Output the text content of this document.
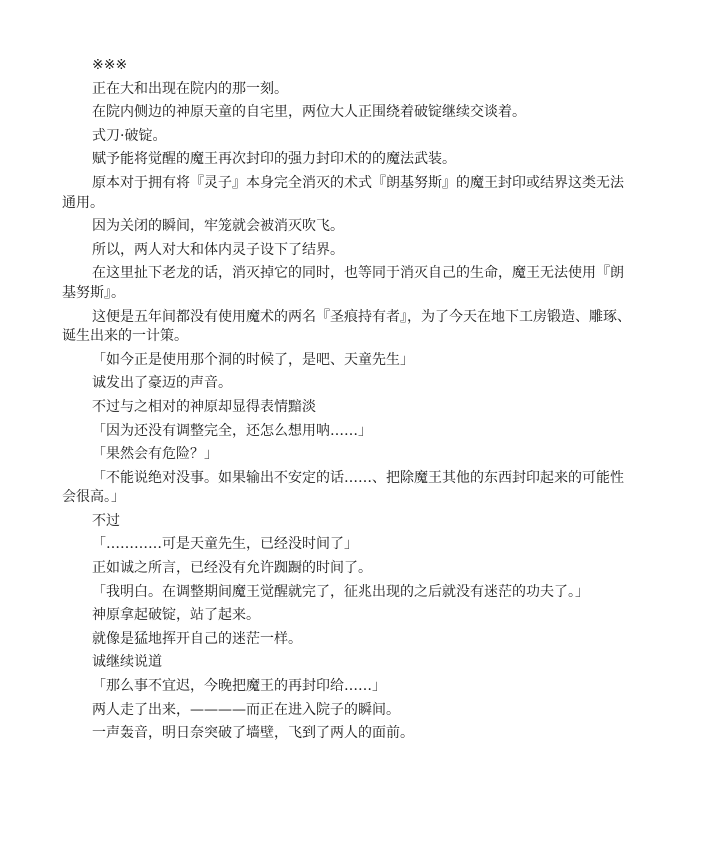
※※※

正在大和出现在院内的那一刻。

在院内侧边的神原天童的自宅里，两位大人正围绕着破锭继续交谈着。

式刀·破锭。

赋予能将觉醒的魔王再次封印的强力封印术的的魔法武装。

原本对于拥有将『灵子』本身完全消灭的术式『朗基努斯』的魔王封印或结界这类无法通用。

因为关闭的瞬间，牢笼就会被消灭吹飞。

所以，两人对大和体内灵子设下了结界。

在这里扯下老龙的话，消灭掉它的同时，也等同于消灭自己的生命，魔王无法使用『朗基努斯』。

这便是五年间都没有使用魔术的两名『圣痕持有者』，为了今天在地下工房锻造、雕琢、诞生出来的一计策。

「如今正是使用那个洞的时候了，是吧、天童先生」

诚发出了豪迈的声音。

不过与之相对的神原却显得表情黯淡

「因为还没有调整完全，还怎么想用呐……」

「果然会有危险？」

「不能说绝对没事。如果输出不安定的话……、把除魔王其他的东西封印起来的可能性会很高。」

不过

「…………可是天童先生，已经没时间了」

正如诚之所言，已经没有允许踟蹰的时间了。

「我明白。在调整期间魔王觉醒就完了，征兆出现的之后就没有迷茫的功夫了。」

神原拿起破锭，站了起来。

就像是猛地挥开自己的迷茫一样。

诚继续说道

「那么事不宜迟，今晚把魔王的再封印给……」

两人走了出来，————而正在进入院子的瞬间。

一声轰音，明日奈突破了墙壁，飞到了两人的面前。
